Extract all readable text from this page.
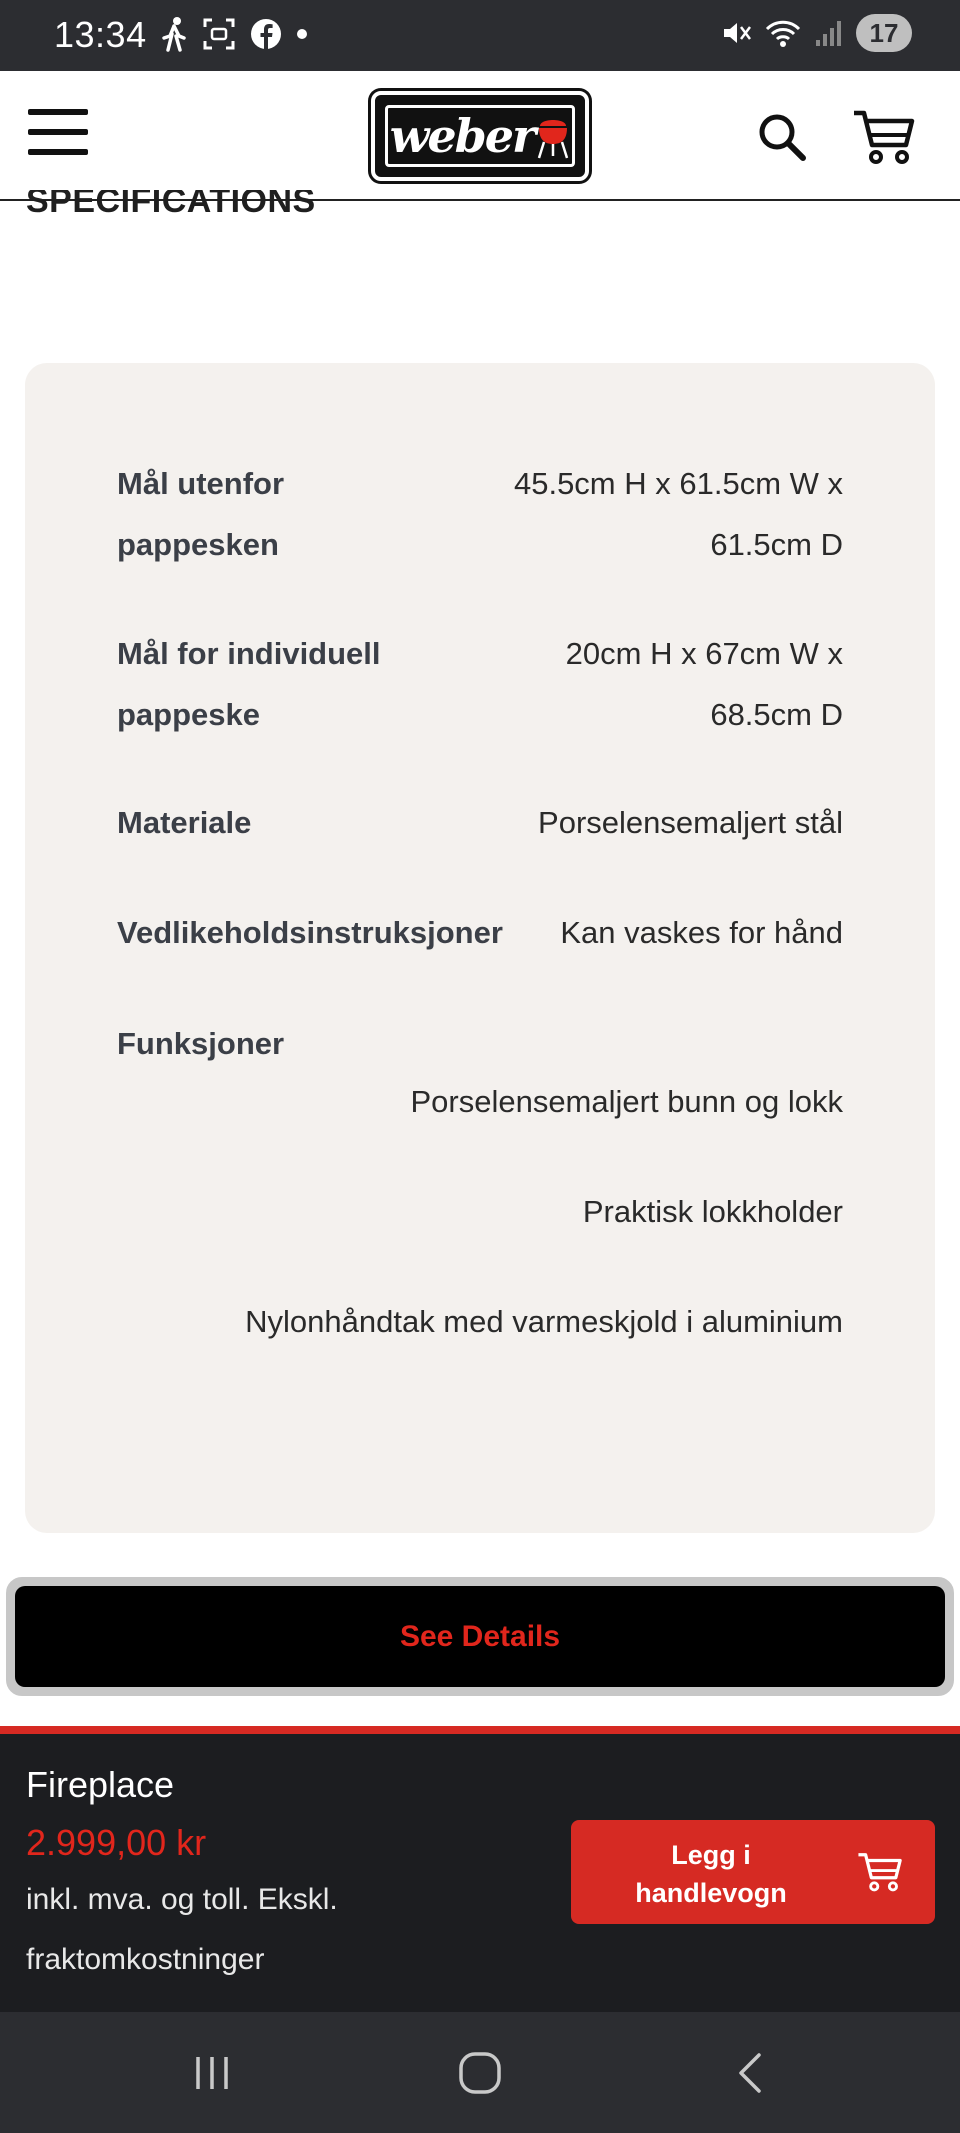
13:34	17
weber
SPECIFICATIONS
Mål utenfor
pappesken
45.5cm H x 61.5cm W x
61.5cm D
Mål for individuell
pappeske
20cm H x 67cm W x
68.5cm D
Materiale	Porselensemaljert stål
Vedlikeholdsinstruksjoner Kan vaskes for hånd
Funksjoner
Porselensemaljert bunn og lokk
Praktisk lokkholder
Nylonhåndtak med varmeskjold i aluminium
See Details
Fireplace
2.999,00 kr
inkl. mva. og toll. Ekskl.
fraktomkostninger
Legg i
handlevogn
